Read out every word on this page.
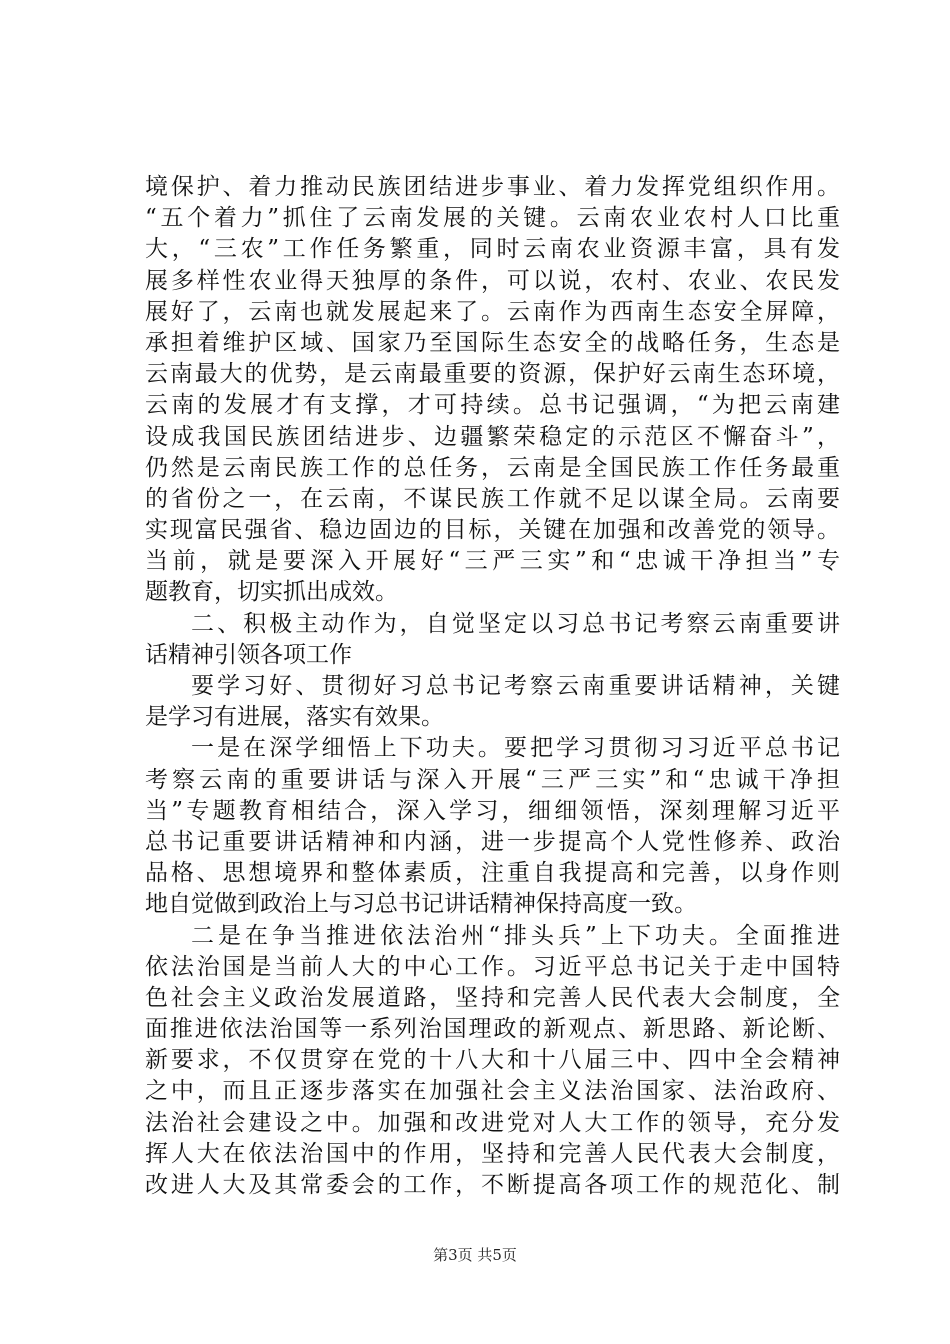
境保护、着力推动民族团结进步事业、着力发挥党组织作用。
“五个着力”抓住了云南发展的关键。云南农业农村人口比重
大，“三农”工作任务繁重，同时云南农业资源丰富，具有发
展多样性农业得天独厚的条件，可以说，农村、农业、农民发
展好了，云南也就发展起来了。云南作为西南生态安全屏障，
承担着维护区域、国家乃至国际生态安全的战略任务，生态是
云南最大的优势，是云南最重要的资源，保护好云南生态环境，
云南的发展才有支撑，才可持续。总书记强调，“为把云南建
设成我国民族团结进步、边疆繁荣稳定的示范区不懈奋斗”，
仍然是云南民族工作的总任务，云南是全国民族工作任务最重
的省份之一，在云南，不谋民族工作就不足以谋全局。云南要
实现富民强省、稳边固边的目标，关键在加强和改善党的领导。
当前，就是要深入开展好“三严三实”和“忠诚干净担当”专
题教育，切实抓出成效。
二、积极主动作为，自觉坚定以习总书记考察云南重要讲
话精神引领各项工作
要学习好、贯彻好习总书记考察云南重要讲话精神，关键
是学习有进展，落实有效果。
一是在深学细悟上下功夫。要把学习贯彻习习近平总书记
考察云南的重要讲话与深入开展“三严三实”和“忠诚干净担
当”专题教育相结合，深入学习，细细领悟，深刻理解习近平
总书记重要讲话精神和内涵，进一步提高个人党性修养、政治
品格、思想境界和整体素质，注重自我提高和完善，以身作则
地自觉做到政治上与习总书记讲话精神保持高度一致。
二是在争当推进依法治州“排头兵”上下功夫。全面推进
依法治国是当前人大的中心工作。习近平总书记关于走中国特
色社会主义政治发展道路，坚持和完善人民代表大会制度，全
面推进依法治国等一系列治国理政的新观点、新思路、新论断、
新要求，不仅贯穿在党的十八大和十八届三中、四中全会精神
之中，而且正逐步落实在加强社会主义法治国家、法治政府、
法治社会建设之中。加强和改进党对人大工作的领导，充分发
挥人大在依法治国中的作用，坚持和完善人民代表大会制度，
改进人大及其常委会的工作，不断提高各项工作的规范化、制
第3页 共5页
